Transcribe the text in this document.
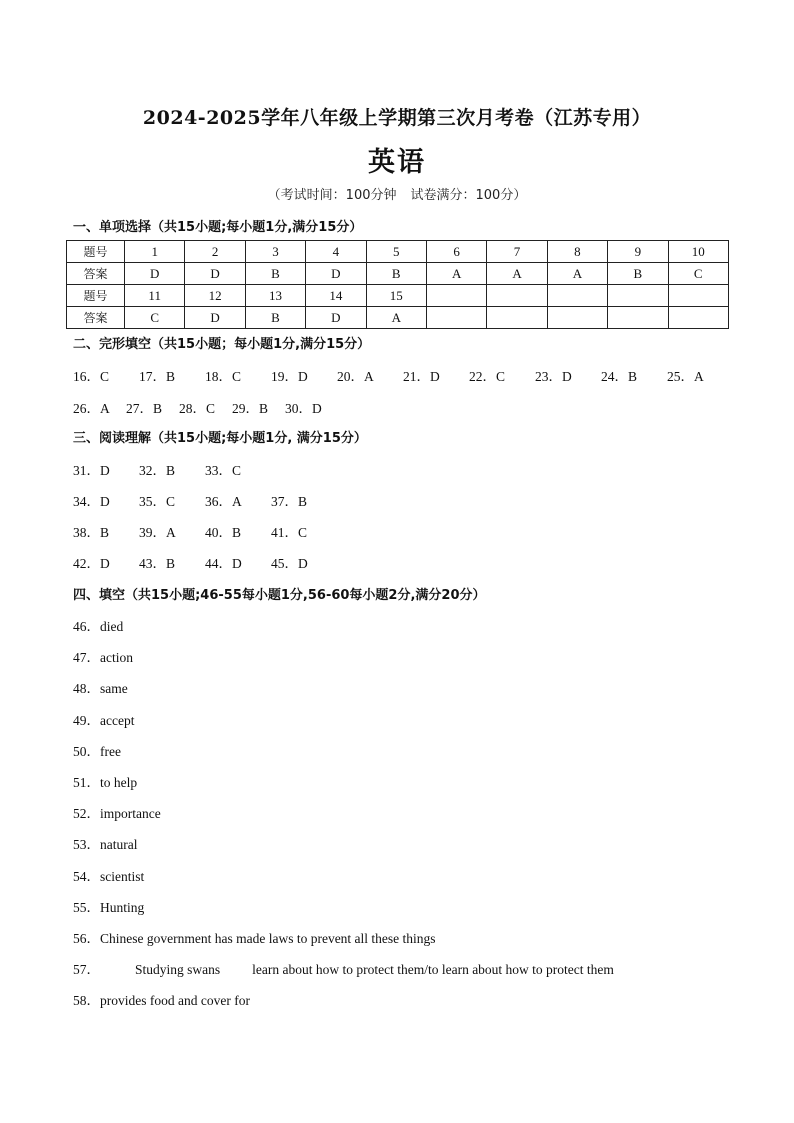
2024-2025学年八年级上学期第三次月考卷（江苏专用）
英语
（考试时间：100分钟 试卷满分：100分）
一、单项选择（共15小题;每小题1分,满分15分）
题号	1	2	3	4	5	6	7	8	9	10
答案	D	D	B	D	B	A	A	A	B	C
题号	11	12	13	14	15					
答案	C	D	B	D	A					
二、完形填空（共15小题；每小题1分,满分15分）
16．C 17．B 18．C 19．D 20．A 21．D 22．C 23．D 24．B 25．A
26．A 27．B 28．C 29．B 30．D
三、阅读理解（共15小题;每小题1分, 满分15分）
31．D 32．B 33．C
34．D 35．C 36．A 37．B
38．B 39．A 40．B 41．C
42．D 43．B 44．D 45．D
四、填空（共15小题;46-55每小题1分,56-60每小题2分,满分20分）
46．died
47．action
48．same
49．accept
50．free
51．to help
52．importance
53．natural
54．scientist
55．Hunting
56．Chinese government has made laws to prevent all these things
57．	Studying swans learn about how to protect them/to learn about how to protect them
58．provides food and cover for
